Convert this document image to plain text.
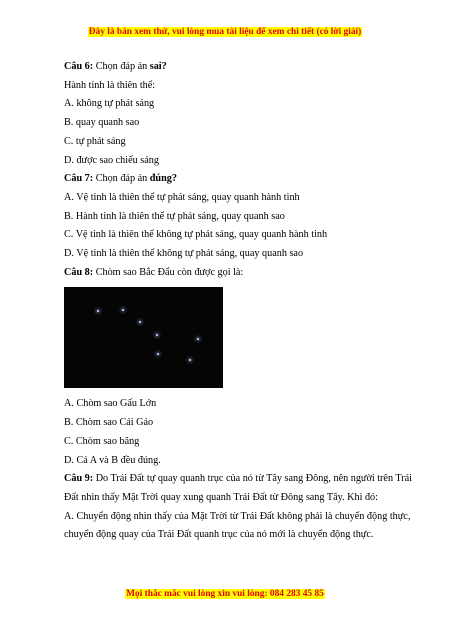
Đây là bản xem thử, vui lòng mua tài liệu để xem chi tiết (có lời giải)
Câu 6: Chọn đáp án sai?
Hành tinh là thiên thể:
A. không tự phát sáng
B. quay quanh sao
C. tự phát sáng
D. được sao chiếu sáng
Câu 7: Chọn đáp án đúng?
A. Vệ tinh là thiên thể tự phát sáng, quay quanh hành tinh
B. Hành tinh là thiên thể tự phát sáng, quay quanh sao
C. Vệ tinh là thiên thể không tự phát sáng, quay quanh hành tinh
D. Vệ tinh là thiên thể không tự phát sáng, quay quanh sao
Câu 8: Chòm sao Bắc Đẩu còn được gọi là:
A. Chòm sao Gấu Lớn
B. Chòm sao Cái Gáo
C. Chòm sao băng
D. Cả A và B đều đúng.
Câu 9: Do Trái Đất tự quay quanh trục của nó từ Tây sang Đông, nên người trên Trái Đất nhìn thấy Mặt Trời quay xung quanh Trái Đất từ Đông sang Tây. Khi đó:
A. Chuyển động nhìn thấy của Mặt Trời từ Trái Đất không phải là chuyển động thực, chuyển động quay của Trái Đất quanh trục của nó mới là chuyển động thực.
Mọi thắc mắc vui lòng xin vui lòng: 084 283 45 85
